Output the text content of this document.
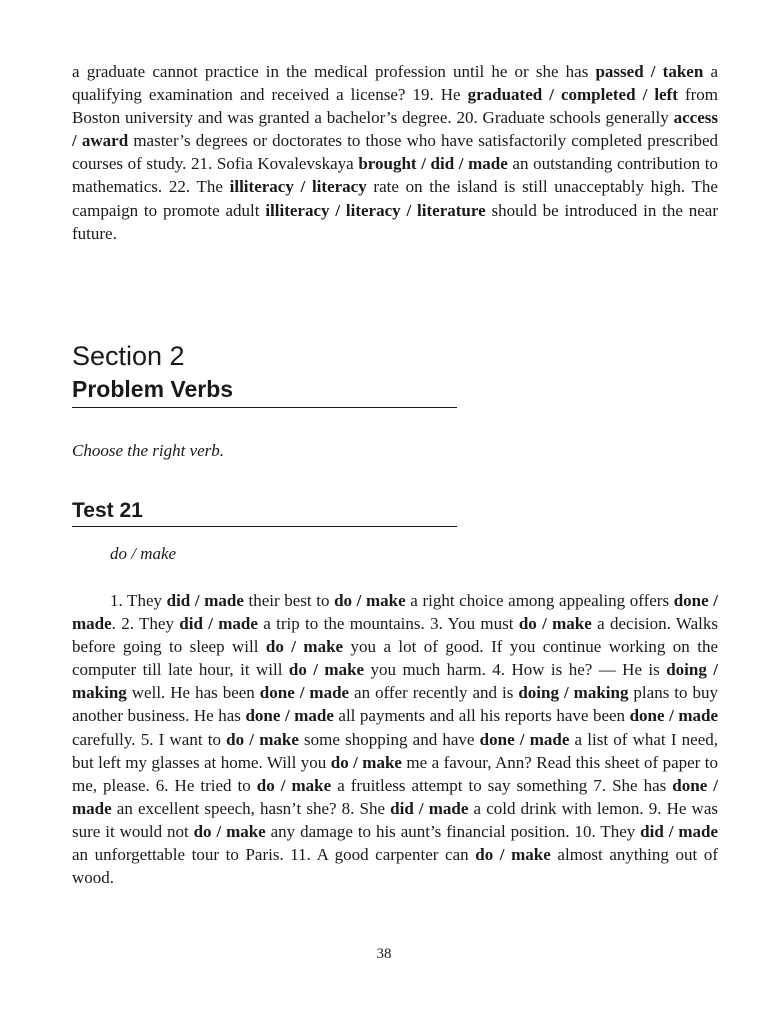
a graduate cannot practice in the medical profession until he or she has passed / taken a qualifying examination and received a license? 19. He graduated / completed / left from Boston university and was granted a bachelor’s degree. 20. Graduate schools generally access / award master’s degrees or doctorates to those who have satisfactorily completed prescribed courses of study. 21. Sofia Kovalevskaya brought / did / made an outstanding contribution to mathematics. 22. The illiteracy / literacy rate on the island is still unacceptably high. The campaign to promote adult illiteracy / literacy / literature should be introduced in the near future.

Section 2
Problem Verbs

Choose the right verb.

Test 21

do / make

1. They did / made their best to do / make a right choice among appealing offers done / made. 2. They did / made a trip to the mountains. 3. You must do / make a decision. Walks before going to sleep will do / make you a lot of good. If you continue working on the computer till late hour, it will do / make you much harm. 4. How is he? — He is doing / making well. He has been done / made an offer recently and is doing / making plans to buy another business. He has done / made all payments and all his reports have been done / made carefully. 5. I want to do / make some shopping and have done / made a list of what I need, but left my glasses at home. Will you do / make me a favour, Ann? Read this sheet of paper to me, please. 6. He tried to do / make a fruitless attempt to say something 7. She has done / made an excellent speech, hasn’t she? 8. She did / made a cold drink with lemon. 9. He was sure it would not do / make any damage to his aunt’s financial position. 10. They did / made an unforgettable tour to Paris. 11. A good carpenter can do / make almost anything out of wood.

38
